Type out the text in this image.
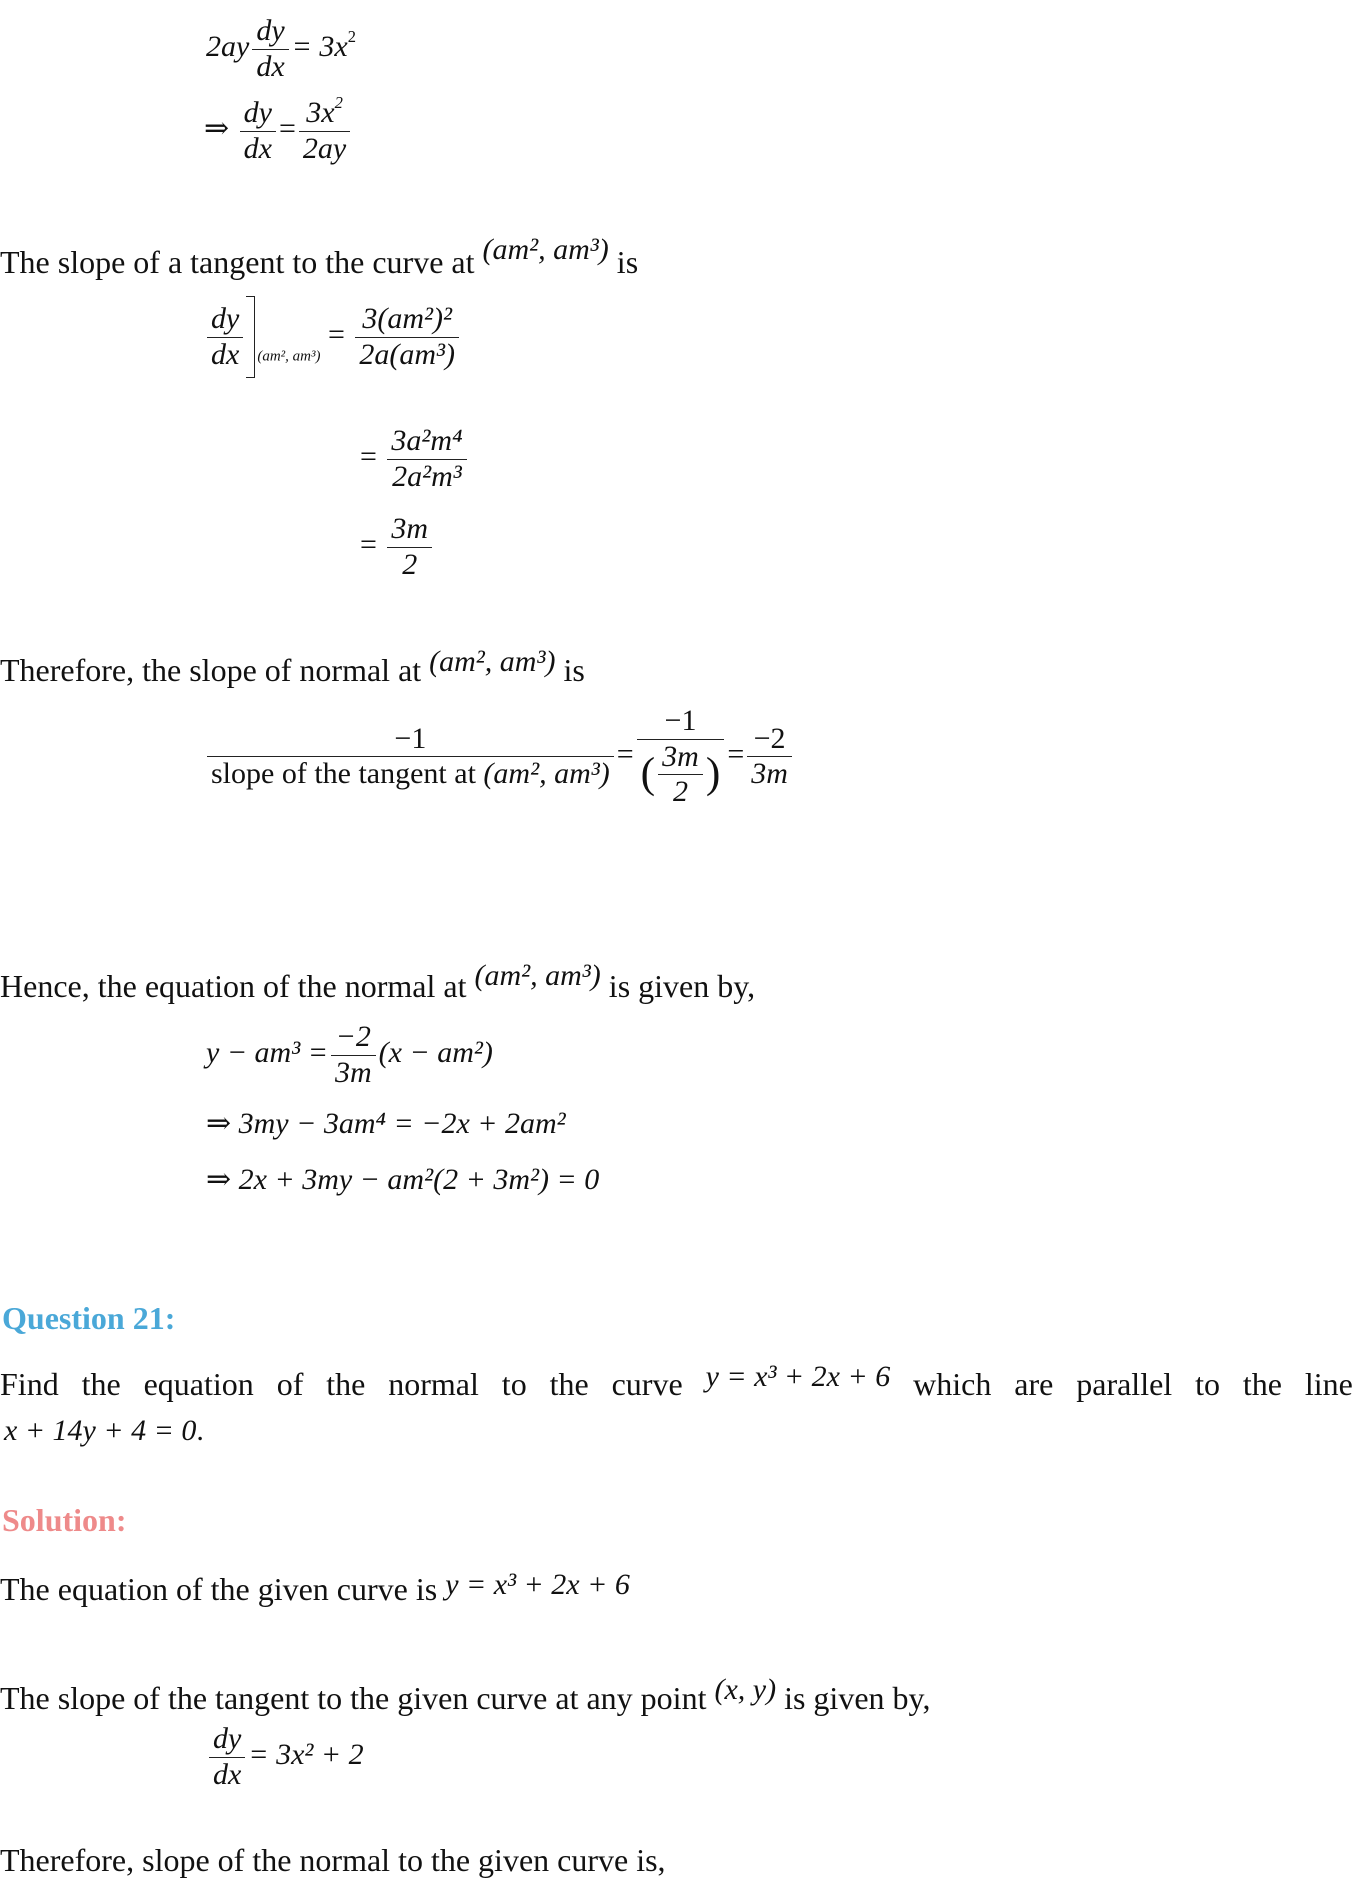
$2ay \frac{dy}{dx} = 3x^2$
⇒ $\frac{dy}{dx} = \frac{3x^2}{2ay}$
The slope of a tangent to the curve at (am², am³) is
$\frac{dy}{dx} _{(am^2, am^3)} = \frac{\text{3(am²)²}}{\text{2a(am³)}}$
= $\frac{\text{3a²m⁴}}{\text{2a²m³}}$
= $\frac{3m}{2}$
Therefore, the slope of normal at (am², am³) is
$\frac{-1}{\text{slope of the tangent at (am², am³)}} = \frac{-1}{( \frac{3m}{2} )} = \frac{-2}{3m}$
Hence, the equation of the normal at (am², am³) is given by,
$y - am^3 = \frac{-2}{3m} (x - am^2)$
⇒ 3my − 3am⁴ = −2x + 2am²
⇒ 2x + 3my − am²(2 + 3m²) = 0
Question 21:
Find the equation of the normal to the curve y = x³ + 2x + 6 which are parallel to the line
x + 14y + 4 = 0.
Solution:
The equation of the given curve is y = x³ + 2x + 6
The slope of the tangent to the given curve at any point (x, y) is given by,
$\frac{dy}{dx} = 3x^2 + 2$
Therefore, slope of the normal to the given curve is,
